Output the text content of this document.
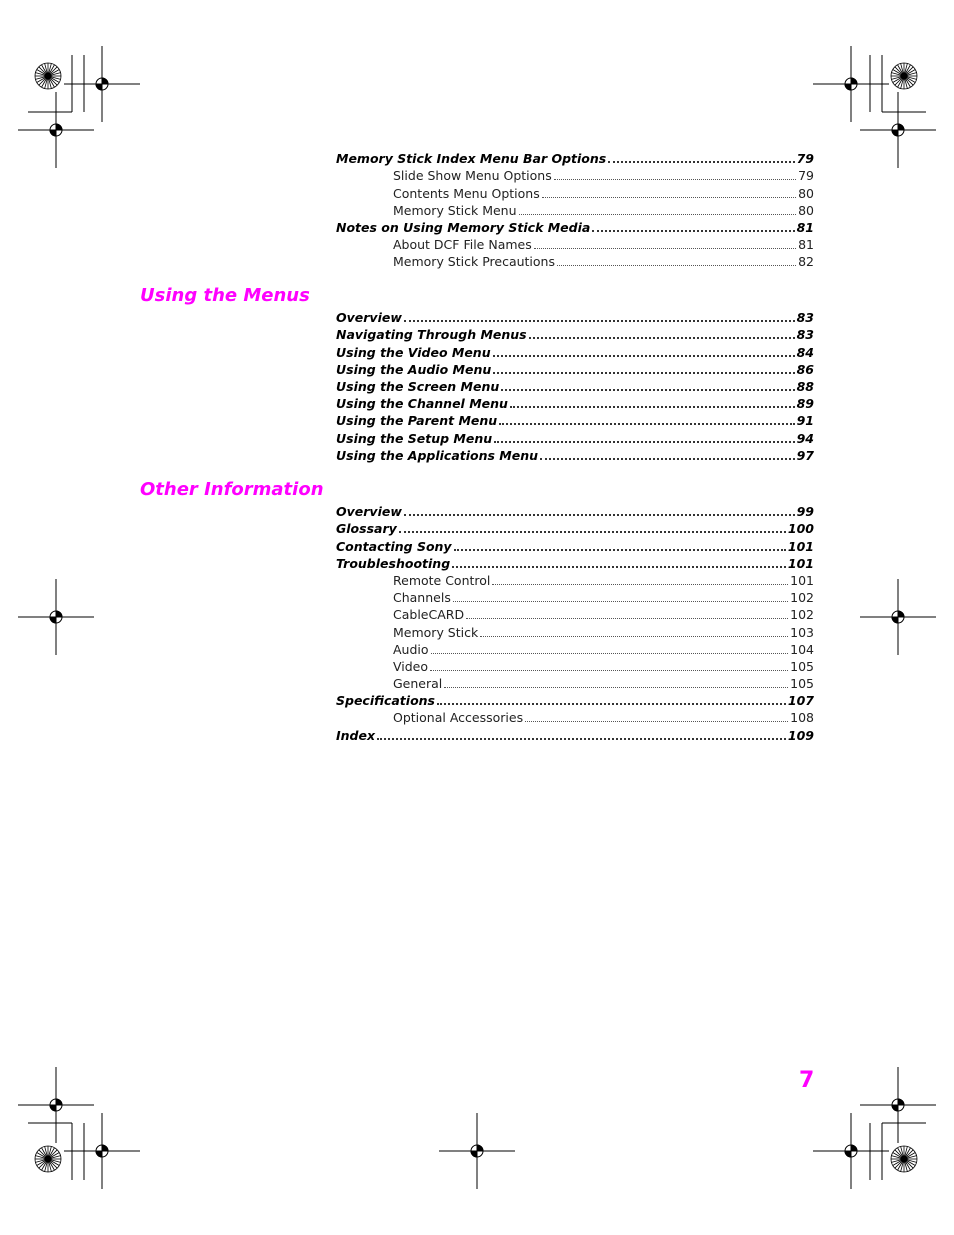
Memory Stick Index Menu Bar Options	79
Slide Show Menu Options	79
Contents Menu Options	80
Memory Stick Menu	80
Notes on Using Memory Stick Media	81
About DCF File Names	81
Memory Stick Precautions	82
Using the Menus
Overview	83
Navigating Through Menus	83
Using the Video Menu	84
Using the Audio Menu	86
Using the Screen Menu	88
Using the Channel Menu	89
Using the Parent Menu	91
Using the Setup Menu	94
Using the Applications Menu	97
Other Information
Overview	99
Glossary	100
Contacting Sony	101
Troubleshooting	101
Remote Control	101
Channels	102
CableCARD	102
Memory Stick	103
Audio	104
Video	105
General	105
Specifications	107
Optional Accessories	108
Index	109
7
